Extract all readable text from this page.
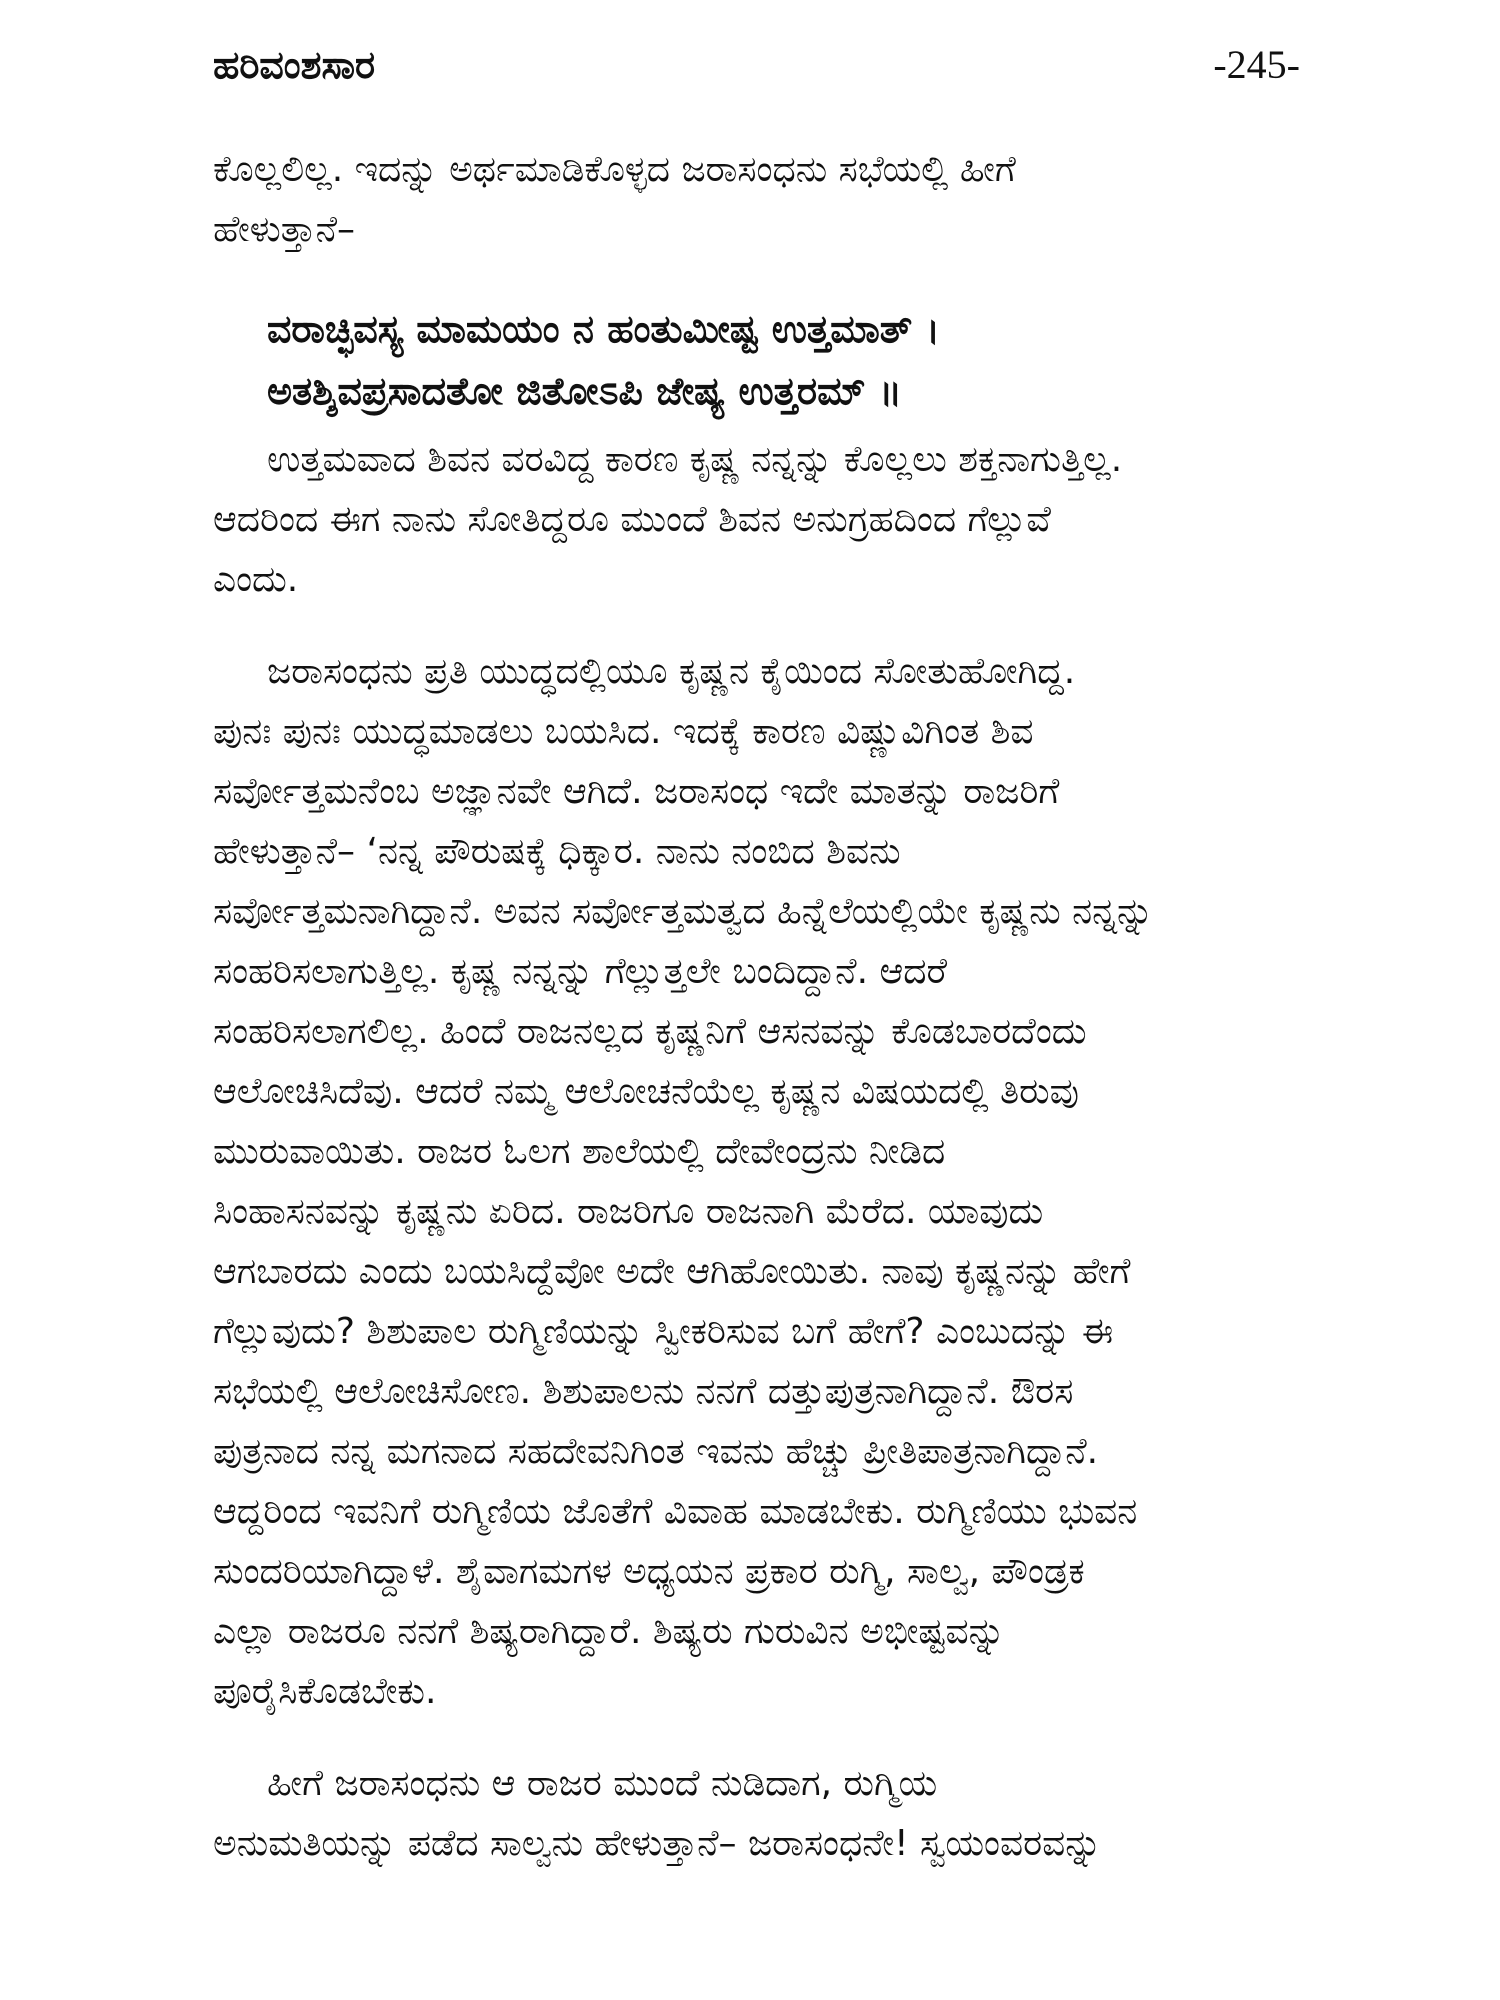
ಹರಿವಂಶಸಾರ	-245-
ಕೊಲ್ಲಲಿಲ್ಲ. ಇದನ್ನು ಅರ್ಥಮಾಡಿಕೊಳ್ಳದ ಜರಾಸಂಧನು ಸಭೆಯಲ್ಲಿ ಹೀಗೆ
ಹೇಳುತ್ತಾನೆ–
ವರಾಚ್ಛಿವಸ್ಯ ಮಾಮಯಂ ನ ಹಂತುಮೀಷ್ಟ ಉತ್ತಮಾತ್ ।
ಅತಶ್ಶಿವಪ್ರಸಾದತೋ ಜಿತೋಽಪಿ ಜೇಷ್ಯ ಉತ್ತರಮ್ ॥
ಉತ್ತಮವಾದ ಶಿವನ ವರವಿದ್ದ ಕಾರಣ ಕೃಷ್ಣ ನನ್ನನ್ನು ಕೊಲ್ಲಲು ಶಕ್ತನಾಗುತ್ತಿಲ್ಲ.
ಆದರಿಂದ ಈಗ ನಾನು ಸೋತಿದ್ದರೂ ಮುಂದೆ ಶಿವನ ಅನುಗ್ರಹದಿಂದ ಗೆಲ್ಲುವೆ
ಎಂದು.
ಜರಾಸಂಧನು ಪ್ರತಿ ಯುದ್ಧದಲ್ಲಿಯೂ ಕೃಷ್ಣನ ಕೈಯಿಂದ ಸೋತುಹೋಗಿದ್ದ.
ಪುನಃ ಪುನಃ ಯುದ್ಧಮಾಡಲು ಬಯಸಿದ. ಇದಕ್ಕೆ ಕಾರಣ ವಿಷ್ಣುವಿಗಿಂತ ಶಿವ
ಸರ್ವೋತ್ತಮನೆಂಬ ಅಜ್ಞಾನವೇ ಆಗಿದೆ. ಜರಾಸಂಧ ಇದೇ ಮಾತನ್ನು ರಾಜರಿಗೆ
ಹೇಳುತ್ತಾನೆ– ‘ನನ್ನ ಪೌರುಷಕ್ಕೆ ಧಿಕ್ಕಾರ. ನಾನು ನಂಬಿದ ಶಿವನು
ಸರ್ವೋತ್ತಮನಾಗಿದ್ದಾನೆ. ಅವನ ಸರ್ವೋತ್ತಮತ್ವದ ಹಿನ್ನೆಲೆಯಲ್ಲಿಯೇ ಕೃಷ್ಣನು ನನ್ನನ್ನು
ಸಂಹರಿಸಲಾಗುತ್ತಿಲ್ಲ. ಕೃಷ್ಣ ನನ್ನನ್ನು ಗೆಲ್ಲುತ್ತಲೇ ಬಂದಿದ್ದಾನೆ. ಆದರೆ
ಸಂಹರಿಸಲಾಗಲಿಲ್ಲ. ಹಿಂದೆ ರಾಜನಲ್ಲದ ಕೃಷ್ಣನಿಗೆ ಆಸನವನ್ನು ಕೊಡಬಾರದೆಂದು
ಆಲೋಚಿಸಿದೆವು. ಆದರೆ ನಮ್ಮ ಆಲೋಚನೆಯೆಲ್ಲ ಕೃಷ್ಣನ ವಿಷಯದಲ್ಲಿ ತಿರುವು
ಮುರುವಾಯಿತು. ರಾಜರ ಓಲಗ ಶಾಲೆಯಲ್ಲಿ ದೇವೇಂದ್ರನು ನೀಡಿದ
ಸಿಂಹಾಸನವನ್ನು ಕೃಷ್ಣನು ಏರಿದ. ರಾಜರಿಗೂ ರಾಜನಾಗಿ ಮೆರೆದ. ಯಾವುದು
ಆಗಬಾರದು ಎಂದು ಬಯಸಿದ್ದೆವೋ ಅದೇ ಆಗಿಹೋಯಿತು. ನಾವು ಕೃಷ್ಣನನ್ನು ಹೇಗೆ
ಗೆಲ್ಲುವುದು? ಶಿಶುಪಾಲ ರುಗ್ಮಿಣಿಯನ್ನು ಸ್ವೀಕರಿಸುವ ಬಗೆ ಹೇಗೆ? ಎಂಬುದನ್ನು ಈ
ಸಭೆಯಲ್ಲಿ ಆಲೋಚಿಸೋಣ. ಶಿಶುಪಾಲನು ನನಗೆ ದತ್ತುಪುತ್ರನಾಗಿದ್ದಾನೆ. ಔರಸ
ಪುತ್ರನಾದ ನನ್ನ ಮಗನಾದ ಸಹದೇವನಿಗಿಂತ ಇವನು ಹೆಚ್ಚು ಪ್ರೀತಿಪಾತ್ರನಾಗಿದ್ದಾನೆ.
ಆದ್ದರಿಂದ ಇವನಿಗೆ ರುಗ್ಮಿಣಿಯ ಜೊತೆಗೆ ವಿವಾಹ ಮಾಡಬೇಕು. ರುಗ್ಮಿಣಿಯು ಭುವನ
ಸುಂದರಿಯಾಗಿದ್ದಾಳೆ. ಶೈವಾಗಮಗಳ ಅಧ್ಯಯನ ಪ್ರಕಾರ ರುಗ್ಮಿ, ಸಾಲ್ವ, ಪೌಂಡ್ರಕ
ಎಲ್ಲಾ ರಾಜರೂ ನನಗೆ ಶಿಷ್ಯರಾಗಿದ್ದಾರೆ. ಶಿಷ್ಯರು ಗುರುವಿನ ಅಭೀಷ್ಟವನ್ನು
ಪೂರೈಸಿಕೊಡಬೇಕು.
ಹೀಗೆ ಜರಾಸಂಧನು ಆ ರಾಜರ ಮುಂದೆ ನುಡಿದಾಗ, ರುಗ್ಮಿಯ
ಅನುಮತಿಯನ್ನು ಪಡೆದ ಸಾಲ್ವನು ಹೇಳುತ್ತಾನೆ– ಜರಾಸಂಧನೇ! ಸ್ವಯಂವರವನ್ನು
